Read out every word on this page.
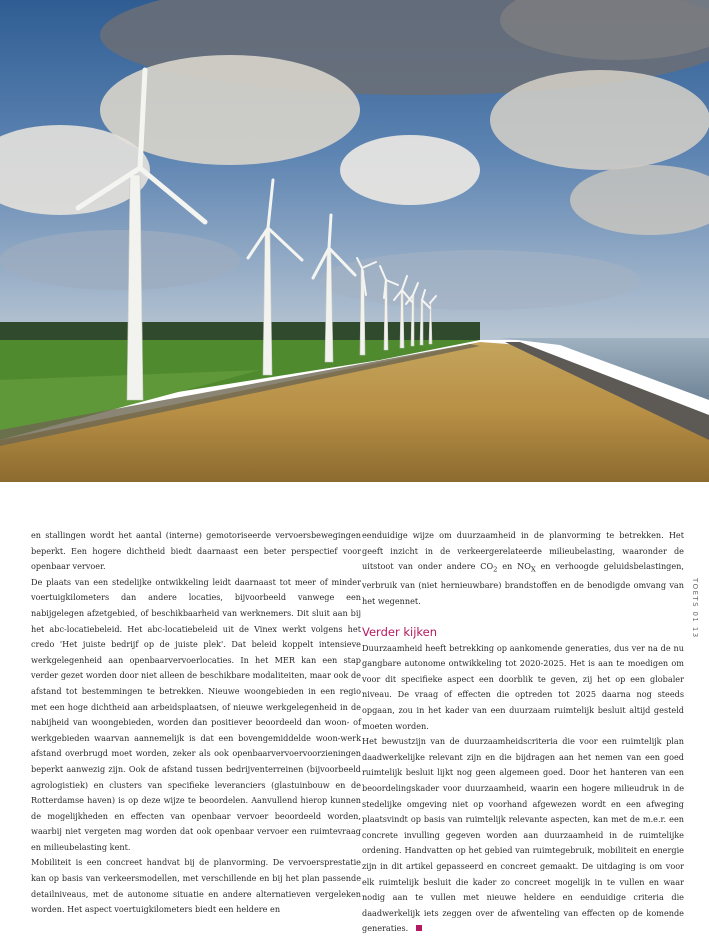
en stallingen wordt het aantal (interne) gemotoriseerde vervoersbewegingen beperkt. Een hogere dichtheid biedt daarnaast een beter perspectief voor openbaar vervoer.

De plaats van een stedelijke ontwikkeling leidt daarnaast tot meer of minder voertuigkilometers dan andere locaties, bijvoorbeeld vanwege een nabijgelegen afzetgebied, of beschikbaarheid van werknemers. Dit sluit aan bij het abc-locatiebeleid. Het abc-locatiebeleid uit de Vinex werkt volgens het credo 'Het juiste bedrijf op de juiste plek'. Dat beleid koppelt intensieve werkgelegenheid aan openbaarvervoerlocaties. In het MER kan een stap verder gezet worden door niet alleen de beschikbare modaliteiten, maar ook de afstand tot bestemmingen te betrekken. Nieuwe woongebieden in een regio met een hoge dichtheid aan arbeidsplaatsen, of nieuwe werkgelegenheid in de nabijheid van woongebieden, worden dan positiever beoordeeld dan woon- of werkgebieden waarvan aannemelijk is dat een bovengemiddelde woon-werk afstand overbrugd moet worden, zeker als ook openbaarvervoervoorzieningen beperkt aanwezig zijn. Ook de afstand tussen bedrijventerreinen (bijvoorbeeld agrologistiek) en clusters van specifieke leveranciers (glastuinbouw en de Rotterdamse haven) is op deze wijze te beoordelen. Aanvullend hierop kunnen de mogelijkheden en effecten van openbaar vervoer beoordeeld worden, waarbij niet vergeten mag worden dat ook openbaar vervoer een ruimtevraag en milieubelasting kent.

Mobiliteit is een concreet handvat bij de planvorming. De vervoersprestatie kan op basis van verkeersmodellen, met verschillende en bij het plan passende detailniveaus, met de autonome situatie en andere alternatieven vergeleken worden. Het aspect voertuigkilometers biedt een heldere en

eenduidige wijze om duurzaamheid in de planvorming te betrekken. Het geeft inzicht in de verkeergerelateerde milieubelasting, waaronder de uitstoot van onder andere $CO_2$ en $NO_X$ en verhoogde geluidsbelastingen, verbruik van (niet hernieuwbare) brandstoffen en de benodigde omvang van het wegennet.

Verder kijken

Duurzaamheid heeft betrekking op aankomende generaties, dus ver na de nu gangbare autonome ontwikkeling tot 2020-2025. Het is aan te moedigen om voor dit specifieke aspect een doorblik te geven, zij het op een globaler niveau. De vraag of effecten die optreden tot 2025 daarna nog steeds opgaan, zou in het kader van een duurzaam ruimtelijk besluit altijd gesteld moeten worden.

Het bewustzijn van de duurzaamheidscriteria die voor een ruimtelijk plan daadwerkelijke relevant zijn en die bijdragen aan het nemen van een goed ruimtelijk besluit lijkt nog geen algemeen goed. Door het hanteren van een beoordelingskader voor duurzaamheid, waarin een hogere milieudruk in de stedelijke omgeving niet op voorhand afgewezen wordt en een afweging plaatsvindt op basis van ruimtelijk relevante aspecten, kan met de m.e.r. een concrete invulling gegeven worden aan duurzaamheid in de ruimtelijke ordening. Handvatten op het gebied van ruimtegebruik, mobiliteit en energie zijn in dit artikel gepasseerd en concreet gemaakt. De uitdaging is om voor elk ruimtelijk besluit die kader zo concreet mogelijk in te vullen en waar nodig aan te vullen met nieuwe heldere en eenduidige criteria die daadwerkelijk iets zeggen over de afwenteling van effecten op de komende generaties.

TOETS 01 13
